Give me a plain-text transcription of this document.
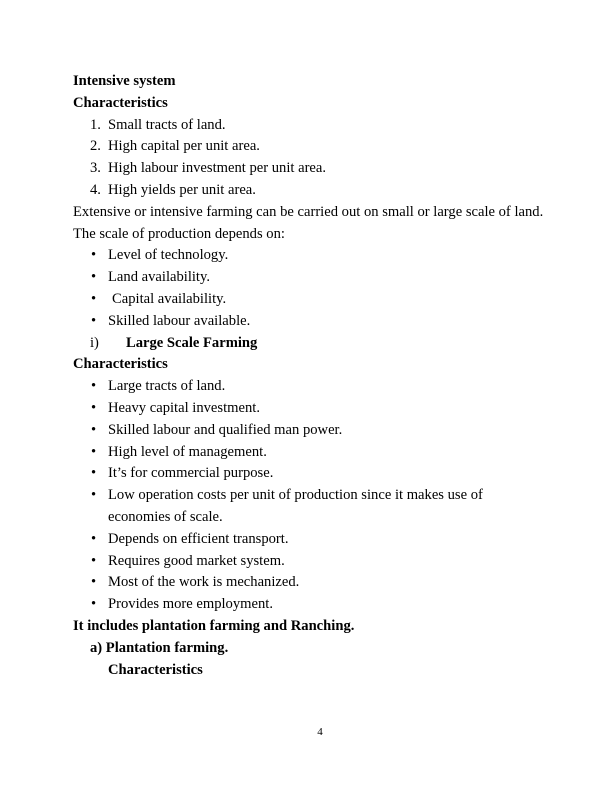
Intensive system
Characteristics
1. Small tracts of land.
2. High capital per unit area.
3. High labour investment per unit area.
4. High yields per unit area.
Extensive or intensive farming can be carried out on small or large scale of land.
The scale of production depends on:
• Level of technology.
• Land availability.
• Capital availability.
• Skilled labour available.
i) Large Scale Farming
Characteristics
• Large tracts of land.
• Heavy capital investment.
• Skilled labour and qualified man power.
• High level of management.
• It’s for commercial purpose.
• Low operation costs per unit of production since it makes use of economies of scale.
• Depends on efficient transport.
• Requires good market system.
• Most of the work is mechanized.
• Provides more employment.
It includes plantation farming and Ranching.
a) Plantation farming.
Characteristics
4
